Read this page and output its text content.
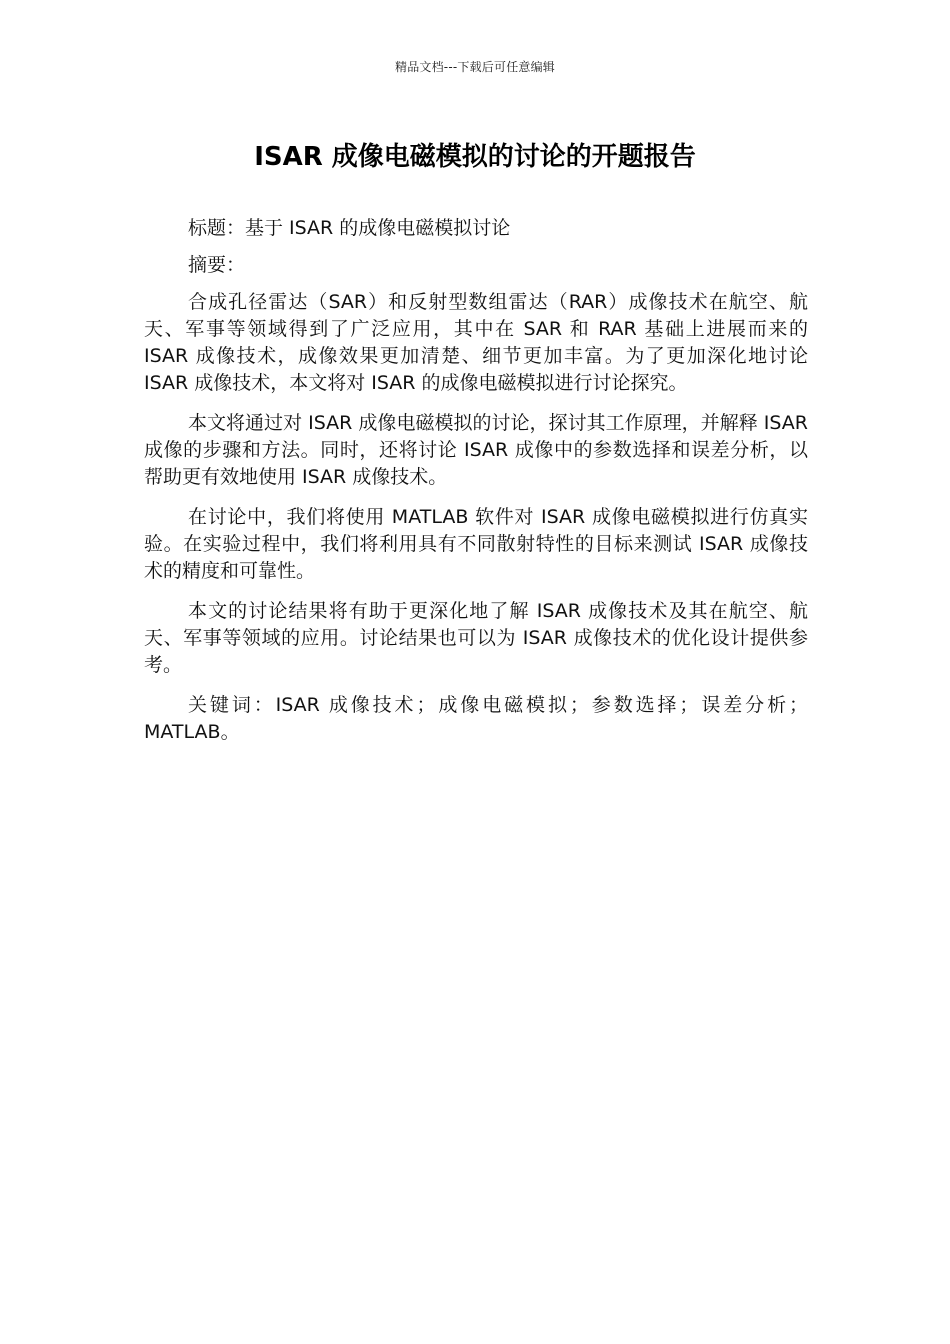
精品文档---下载后可任意编辑
ISAR 成像电磁模拟的讨论的开题报告

标题：基于 ISAR 的成像电磁模拟讨论

摘要：

合成孔径雷达（SAR）和反射型数组雷达（RAR）成像技术在航空、航天、军事等领域得到了广泛应用，其中在 SAR 和 RAR 基础上进展而来的 ISAR 成像技术，成像效果更加清楚、细节更加丰富。为了更加深化地讨论 ISAR 成像技术，本文将对 ISAR 的成像电磁模拟进行讨论探究。

本文将通过对 ISAR 成像电磁模拟的讨论，探讨其工作原理，并解释 ISAR 成像的步骤和方法。同时，还将讨论 ISAR 成像中的参数选择和误差分析，以帮助更有效地使用 ISAR 成像技术。

在讨论中，我们将使用 MATLAB 软件对 ISAR 成像电磁模拟进行仿真实验。在实验过程中，我们将利用具有不同散射特性的目标来测试 ISAR 成像技术的精度和可靠性。

本文的讨论结果将有助于更深化地了解 ISAR 成像技术及其在航空、航天、军事等领域的应用。讨论结果也可以为 ISAR 成像技术的优化设计提供参考。

关键词：ISAR 成像技术；成像电磁模拟；参数选择；误差分析；MATLAB。
